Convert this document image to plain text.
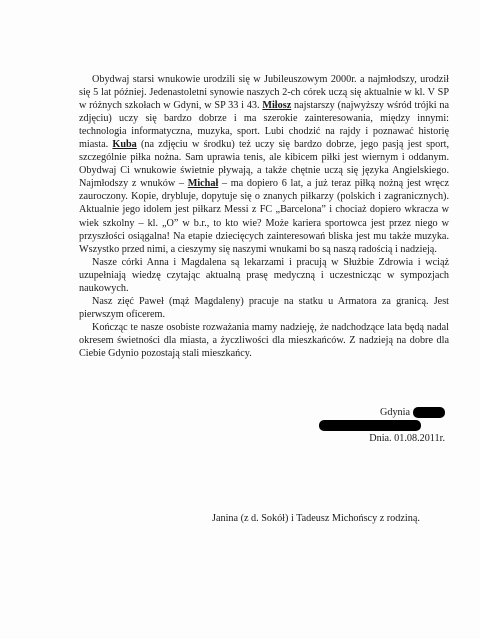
Obydwaj starsi wnukowie urodzili się w Jubileuszowym 2000r. a najmłodszy, urodził się 5 lat później. Jedenastoletni synowie naszych 2-ch córek uczą się aktualnie w kl. V SP w różnych szkołach w Gdyni, w SP 33 i 43. Miłosz najstarszy (najwyższy wśród trójki na zdjęciu) uczy się bardzo dobrze i ma szerokie zainteresowania, między innymi: technologia informatyczna, muzyka, sport. Lubi chodzić na rajdy i poznawać historię miasta. Kuba (na zdjęciu w środku) też uczy się bardzo dobrze, jego pasją jest sport, szczególnie piłka nożna. Sam uprawia tenis, ale kibicem piłki jest wiernym i oddanym. Obydwaj Ci wnukowie świetnie pływają, a także chętnie uczą się języka Angielskiego. Najmłodszy z wnuków – Michał – ma dopiero 6 lat, a już teraz piłką nożną jest wręcz zauroczony. Kopie, drybluje, dopytuje się o znanych piłkarzy (polskich i zagranicznych). Aktualnie jego idolem jest piłkarz Messi z FC „Barcelona” i chociaż dopiero wkracza w wiek szkolny – kl. „O” w b.r., to kto wie? Może kariera sportowca jest przez niego w przyszłości osiągalna! Na etapie dziecięcych zainteresowań bliska jest mu także muzyka. Wszystko przed nimi, a cieszymy się naszymi wnukami bo są naszą radością i nadzieją.

Nasze córki Anna i Magdalena są lekarzami i pracują w Służbie Zdrowia i wciąż uzupełniają wiedzę czytając aktualną prasę medyczną i uczestnicząc w sympozjach naukowych.

Nasz zięć Paweł (mąż Magdaleny) pracuje na statku u Armatora za granicą. Jest pierwszym oficerem.

Kończąc te nasze osobiste rozważania mamy nadzieję, że nadchodzące lata będą nadal okresem świetności dla miasta, a życzliwości dla mieszkańców. Z nadzieją na dobre dla Ciebie Gdynio pozostają stali mieszkańcy.

Gdynia
Dnia. 01.08.2011r.
Janina (z d. Sokół) i Tadeusz Michońscy z rodziną.
